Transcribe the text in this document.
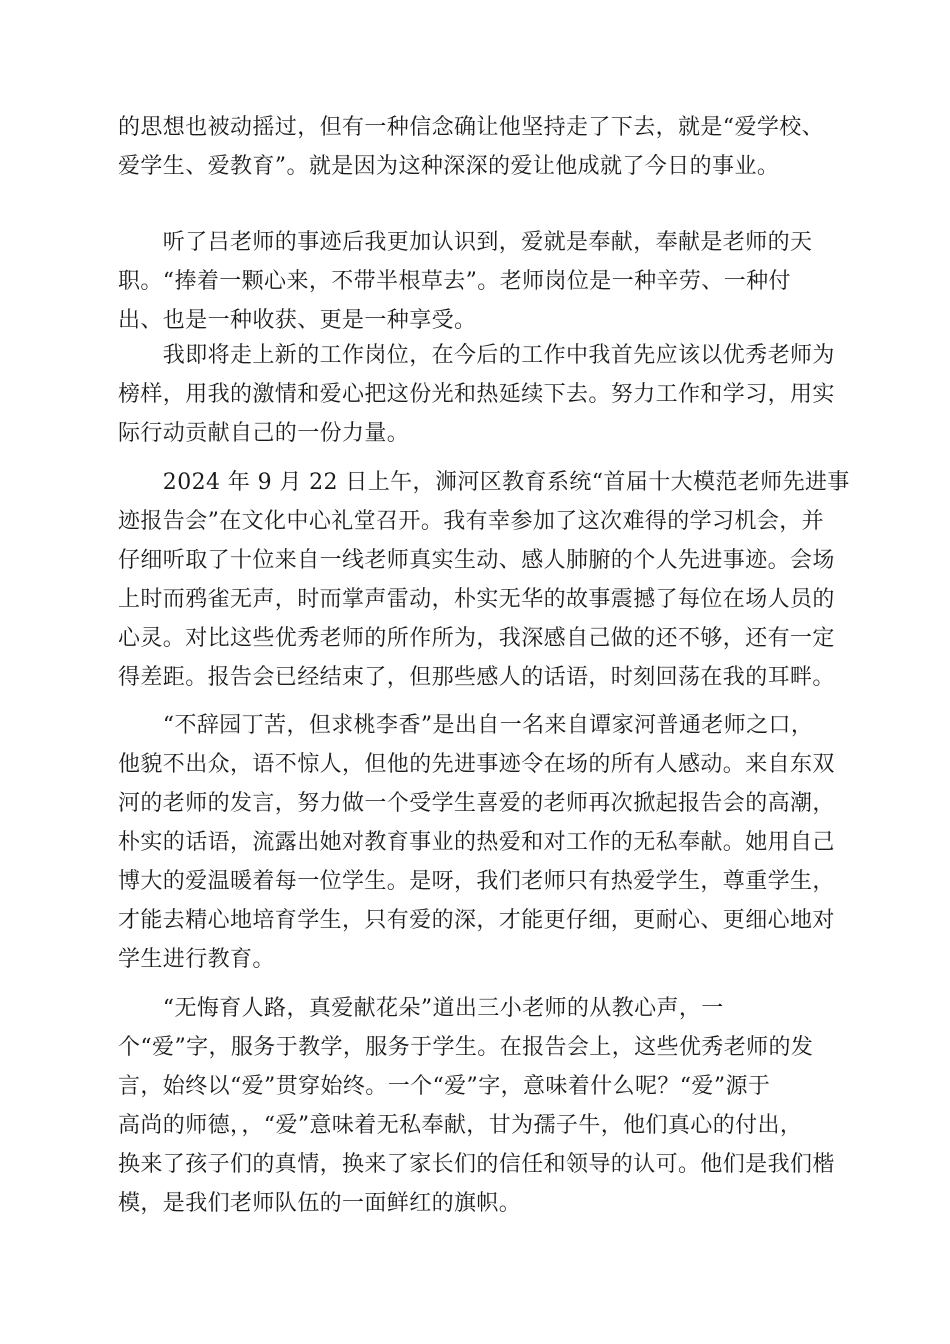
的思想也被动摇过，但有一种信念确让他坚持走了下去，就是“爱学校、
爱学生、爱教育”。就是因为这种深深的爱让他成就了今日的事业。
　　听了吕老师的事迹后我更加认识到，爱就是奉献，奉献是老师的天
职。“捧着一颗心来，不带半根草去”。老师岗位是一种辛劳、一种付
出、也是一种收获、更是一种享受。
　　我即将走上新的工作岗位，在今后的工作中我首先应该以优秀老师为
榜样，用我的激情和爱心把这份光和热延续下去。努力工作和学习，用实
际行动贡献自己的一份力量。
　　2024 年 9 月 22 日上午，浉河区教育系统“首届十大模范老师先进事
迹报告会”在文化中心礼堂召开。我有幸参加了这次难得的学习机会，并
仔细听取了十位来自一线老师真实生动、感人肺腑的个人先进事迹。会场
上时而鸦雀无声，时而掌声雷动，朴实无华的故事震撼了每位在场人员的
心灵。对比这些优秀老师的所作所为，我深感自己做的还不够，还有一定
得差距。报告会已经结束了，但那些感人的话语，时刻回荡在我的耳畔。
　　“不辞园丁苦，但求桃李香”是出自一名来自谭家河普通老师之口，
他貌不出众，语不惊人，但他的先进事迹令在场的所有人感动。来自东双
河的老师的发言，努力做一个受学生喜爱的老师再次掀起报告会的高潮，
朴实的话语，流露出她对教育事业的热爱和对工作的无私奉献。她用自己
博大的爱温暖着每一位学生。是呀，我们老师只有热爱学生，尊重学生，
才能去精心地培育学生，只有爱的深，才能更仔细，更耐心、更细心地对
学生进行教育。
　　“无悔育人路，真爱献花朵”道出三小老师的从教心声，一
个“爱”字，服务于教学，服务于学生。在报告会上，这些优秀老师的发
言，始终以“爱”贯穿始终。一个“爱”字，意味着什么呢？“爱”源于
高尚的师德，，“爱”意味着无私奉献，甘为孺子牛，他们真心的付出，
换来了孩子们的真情，换来了家长们的信任和领导的认可。他们是我们楷
模，是我们老师队伍的一面鲜红的旗帜。
